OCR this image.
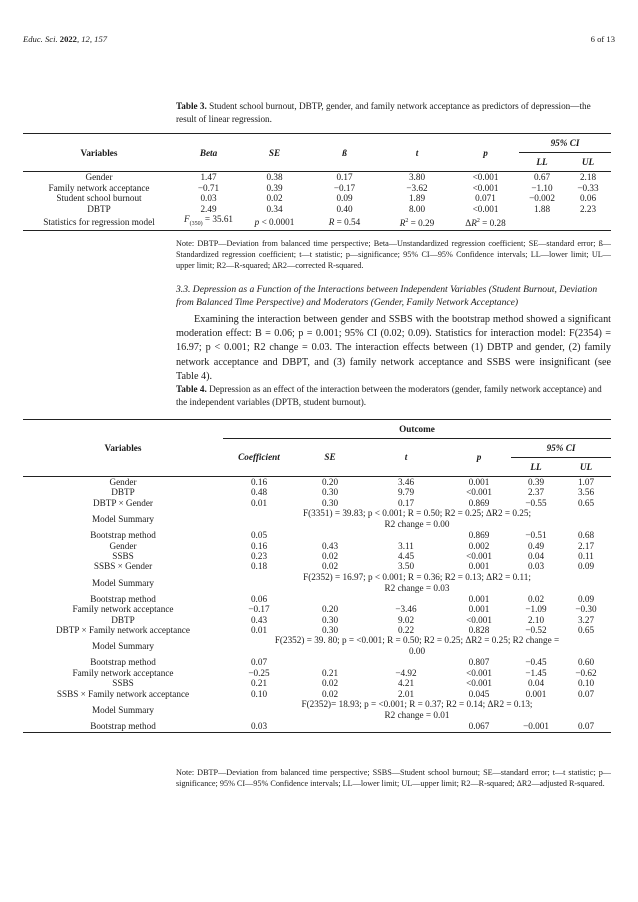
Educ. Sci. 2022, 12, 157	6 of 13
Table 3. Student school burnout, DBTP, gender, and family network acceptance as predictors of depression—the result of linear regression.
Variables	Beta	SE	ß	t	p	95% CI	
						LL	UL
Gender	1.47	0.38	0.17	3.80	<0.001	0.67	2.18
Family network acceptance	−0.71	0.39	−0.17	−3.62	<0.001	−1.10	−0.33
Student school burnout	0.03	0.02	0.09	1.89	0.071	−0.002	0.06
DBTP	2.49	0.34	0.40	8.00	<0.001	1.88	2.23
Statistics for regression model	$F_{(350)} = 35.61$	p < 0.0001	R = 0.54	$R^2 = 0.29$	$\Delta R^2 = 0.28$		
Note: DBTP—Deviation from balanced time perspective; Beta—Unstandardized regression coefficient; SE—standard error; ß—Standardized regression coefficient; t—t statistic; p—significance; 95% CI—95% Confidence intervals; LL—lower limit; UL—upper limit; R2—R-squared; ΔR2—corrected R-squared.
3.3. Depression as a Function of the Interactions between Independent Variables (Student Burnout, Deviation from Balanced Time Perspective) and Moderators (Gender, Family Network Acceptance)
Examining the interaction between gender and SSBS with the bootstrap method showed a significant moderation effect: B = 0.06; p = 0.001; 95% CI (0.02; 0.09). Statistics for interaction model: F(2354) = 16.97; p < 0.001; R2 change = 0.03. The interaction effects between (1) DBTP and gender, (2) family network acceptance and DBPT, and (3) family network acceptance and SSBS were insignificant (see Table 4).
Table 4. Depression as an effect of the interaction between the moderators (gender, family network acceptance) and the independent variables (DPTB, student burnout).
Variables	Outcome					
	Coefficient	SE	t	p	95% CI	
					LL	UL
Gender	0.16	0.20	3.46	0.001	0.39	1.07
DBTP	0.48	0.30	9.79	<0.001	2.37	3.56
DBTP × Gender	0.01	0.30	0.17	0.869	−0.55	0.65
Model Summary	F(3351) = 39.83; p < 0.001; R = 0.50; R2 = 0.25; ΔR2 = 0.25;
R2 change = 0.00					

Bootstrap method	0.05			0.869	−0.51	0.68
Gender	0.16	0.43	3.11	0.002	0.49	2.17
SSBS	0.23	0.02	4.45	<0.001	0.04	0.11
SSBS × Gender	0.18	0.02	3.50	0.001	0.03	0.09
Model Summary	F(2352) = 16.97; p < 0.001; R = 0.36; R2 = 0.13; ΔR2 = 0.11;
R2 change = 0.03					

Bootstrap method	0.06			0.001	0.02	0.09
Family network acceptance	−0.17	0.20	−3.46	0.001	−1.09	−0.30
DBTP	0.43	0.30	9.02	<0.001	2.10	3.27
DBTP × Family network acceptance	0.01	0.30	0.22	0.828	−0.52	0.65
Model Summary	F(2352) = 39. 80; p = <0.001; R = 0.50; R2 = 0.25; ΔR2 = 0.25; R2 change =
0.00					

Bootstrap method	0.07			0.807	−0.45	0.60
Family network acceptance	−0.25	0.21	−4.92	<0.001	−1.45	−0.62
SSBS	0.21	0.02	4.21	<0.001	0.04	0.10
SSBS × Family network acceptance	0.10	0.02	2.01	0.045	0.001	0.07
Model Summary	F(2352)= 18.93; p = <0.001; R = 0.37; R2 = 0.14; ΔR2 = 0.13;
R2 change = 0.01					

Bootstrap method	0.03			0.067	−0.001	0.07
Note: DBTP—Deviation from balanced time perspective; SSBS—Student school burnout; SE—standard error; t—t statistic; p—significance; 95% CI—95% Confidence intervals; LL—lower limit; UL—upper limit; R2—R-squared; ΔR2—adjusted R-squared.
